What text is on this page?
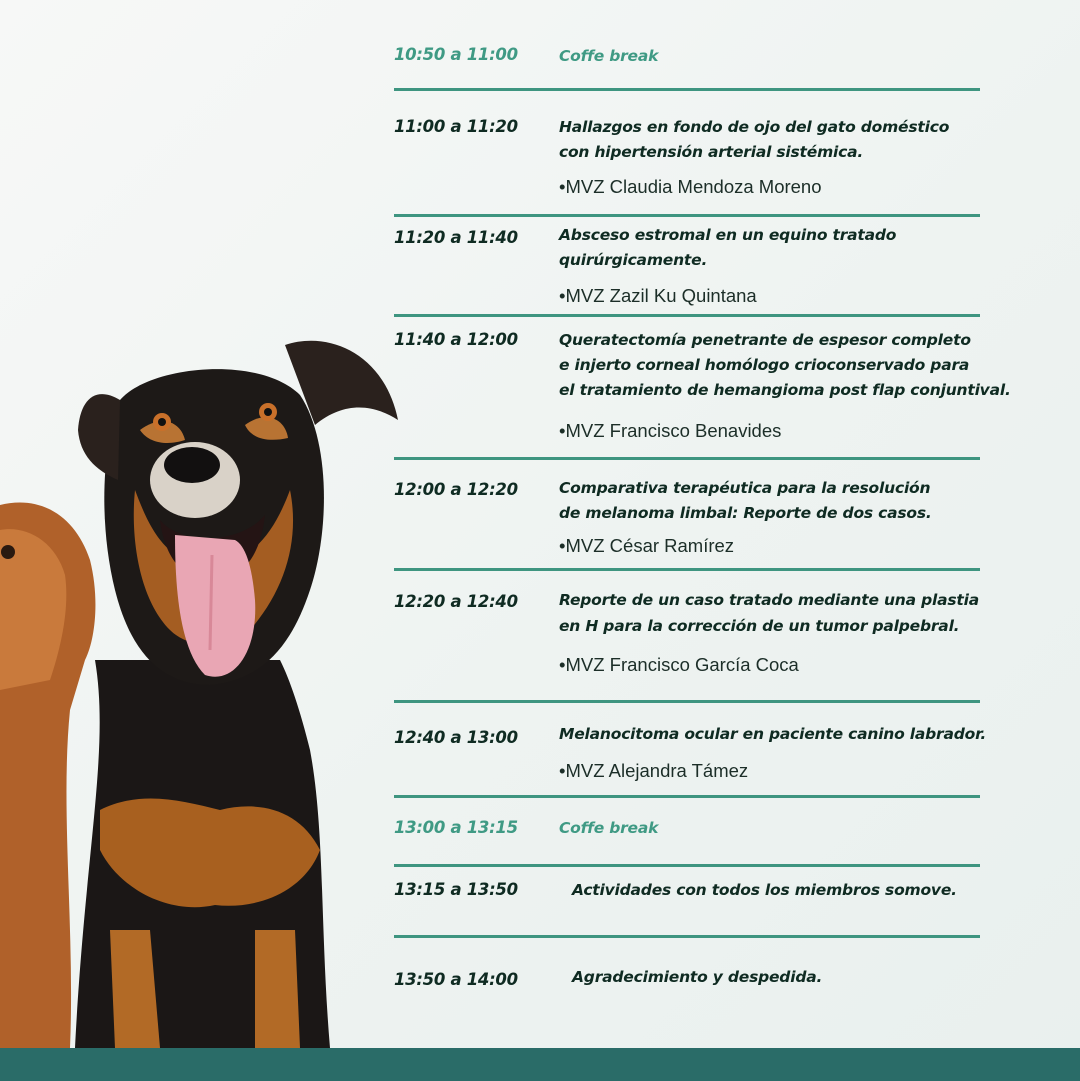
10:50 a 11:00	Coffe break
11:00 a 11:20	Hallazgos en fondo de ojo del gato doméstico
con hipertensión arterial sistémica.
•MVZ Claudia Mendoza Moreno
11:20 a 11:40	Absceso estromal en un equino tratado
quirúrgicamente.
•MVZ Zazil Ku Quintana
11:40 a 12:00	Queratectomía penetrante de espesor completo
e injerto corneal homólogo crioconservado para
el tratamiento de hemangioma post flap conjuntival.
•MVZ Francisco Benavides
12:00 a 12:20	Comparativa terapéutica para la resolución
de melanoma limbal: Reporte de dos casos.
•MVZ César Ramírez
12:20 a 12:40	Reporte de un caso tratado mediante una plastia
en H para la corrección de un tumor palpebral.
•MVZ Francisco García Coca
12:40 a 13:00	Melanocitoma ocular en paciente canino labrador.
•MVZ Alejandra Támez
13:00 a 13:15	Coffe break
13:15 a 13:50	Actividades con todos los miembros somove.
13:50 a 14:00	Agradecimiento y despedida.
